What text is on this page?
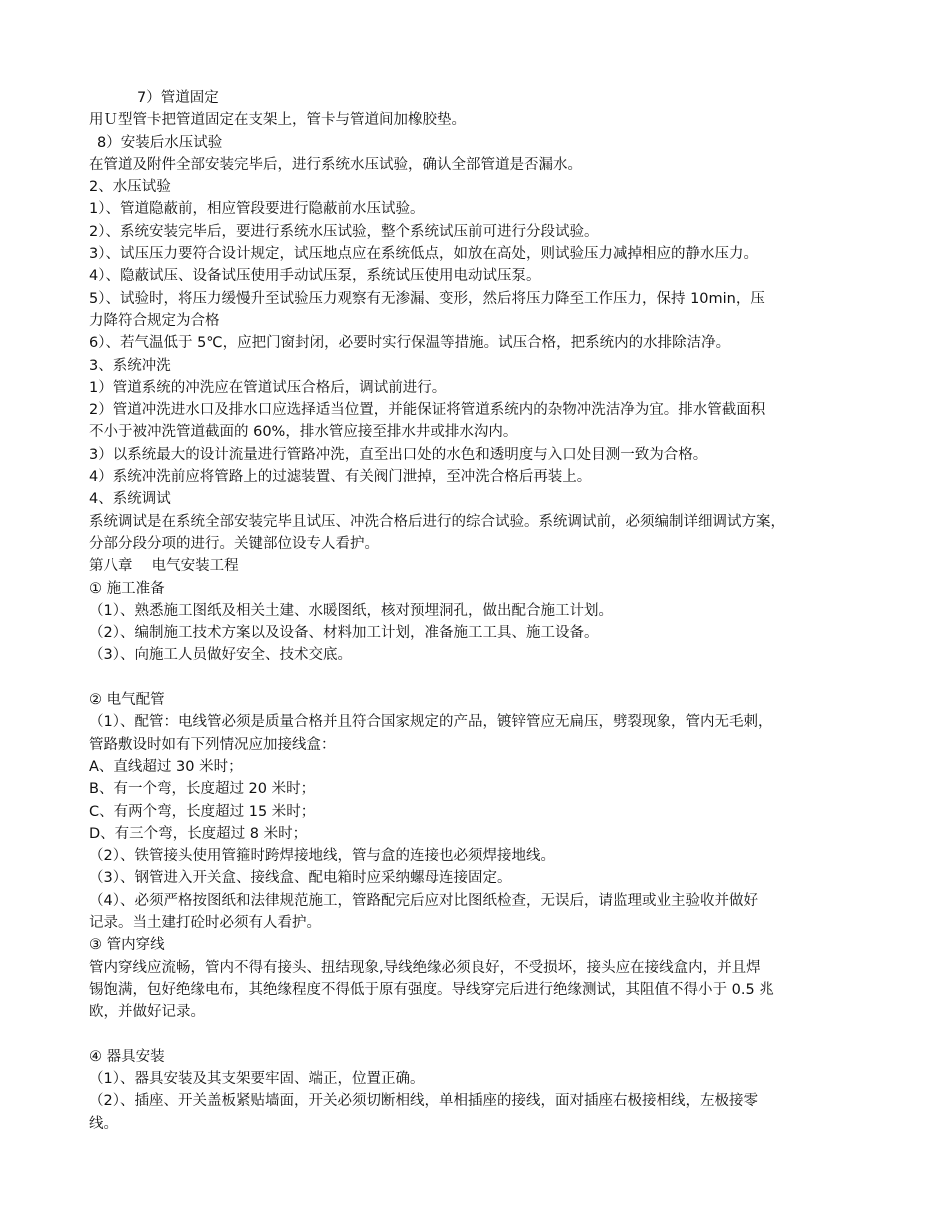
7）管道固定

用Ｕ型管卡把管道固定在支架上，管卡与管道间加橡胶垫。

8）安装后水压试验

在管道及附件全部安装完毕后，进行系统水压试验，确认全部管道是否漏水。

2、水压试验

1）、管道隐蔽前，相应管段要进行隐蔽前水压试验。

2）、系统安装完毕后，要进行系统水压试验，整个系统试压前可进行分段试验。

3）、试压压力要符合设计规定，试压地点应在系统低点，如放在高处，则试验压力减掉相应的静水压力。

4）、隐蔽试压、设备试压使用手动试压泵，系统试压使用电动试压泵。

5）、试验时，将压力缓慢升至试验压力观察有无渗漏、变形，然后将压力降至工作压力，保持 10min，压

力降符合规定为合格

6）、若气温低于 5℃，应把门窗封闭，必要时实行保温等措施。试压合格，把系统内的水排除洁净。

3、系统冲洗

1）管道系统的冲洗应在管道试压合格后，调试前进行。

2）管道冲洗进水口及排水口应选择适当位置，并能保证将管道系统内的杂物冲洗洁净为宜。排水管截面积

不小于被冲洗管道截面的 60%，排水管应接至排水井或排水沟内。

3）以系统最大的设计流量进行管路冲洗，直至出口处的水色和透明度与入口处目测一致为合格。

4）系统冲洗前应将管路上的过滤装置、有关阀门泄掉，至冲洗合格后再装上。

4、系统调试

系统调试是在系统全部安装完毕且试压、冲洗合格后进行的综合试验。系统调试前，必须编制详细调试方案，

分部分段分项的进行。关键部位设专人看护。

第八章　 电气安装工程

① 施工准备

（1）、熟悉施工图纸及相关土建、水暖图纸，核对预埋洞孔，做出配合施工计划。

（2）、编制施工技术方案以及设备、材料加工计划，准备施工工具、施工设备。

（3）、向施工人员做好安全、技术交底。

② 电气配管

（1）、配管：电线管必须是质量合格并且符合国家规定的产品，镀锌管应无扁压，劈裂现象，管内无毛刺，

管路敷设时如有下列情况应加接线盒：

A、直线超过 30 米时；

B、有一个弯，长度超过 20 米时；

C、有两个弯，长度超过 15 米时；

D、有三个弯，长度超过 8 米时；

（2）、铁管接头使用管箍时跨焊接地线，管与盒的连接也必须焊接地线。

（3）、钢管进入开关盒、接线盒、配电箱时应采纳螺母连接固定。

（4）、必须严格按图纸和法律规范施工，管路配完后应对比图纸检查，无误后，请监理或业主验收并做好

记录。当土建打砼时必须有人看护。

③ 管内穿线

管内穿线应流畅，管内不得有接头、扭结现象,导线绝缘必须良好，不受损坏，接头应在接线盒内，并且焊

锡饱满，包好绝缘电布，其绝缘程度不得低于原有强度。导线穿完后进行绝缘测试，其阻值不得小于 0.5 兆

欧，并做好记录。

④ 器具安装

（1）、器具安装及其支架要牢固、端正，位置正确。

（2）、插座、开关盖板紧贴墙面，开关必须切断相线，单相插座的接线，面对插座右极接相线，左极接零

线。
